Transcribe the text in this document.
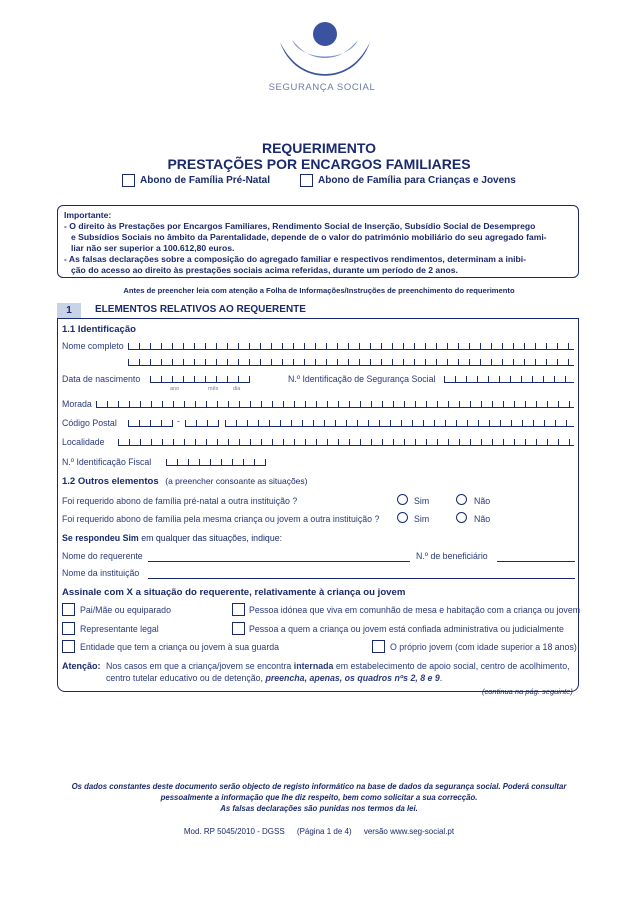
SEGURANÇA SOCIAL
REQUERIMENTO
PRESTAÇÕES POR ENCARGOS FAMILIARES
Abono de Família Pré-Natal	Abono de Família para Crianças e Jovens
Importante:
- O direito às Prestações por Encargos Familiares, Rendimento Social de Inserção, Subsídio Social de Desemprego
e Subsídios Sociais no âmbito da Parentalidade, depende de o valor do património mobiliário do seu agregado fami-
liar não ser superior a 100.612,80 euros.
- As falsas declarações sobre a composição do agregado familiar e respectivos rendimentos, determinam a inibi-
ção do acesso ao direito às prestações sociais acima referidas, durante um período de 2 anos.
Antes de preencher leia com atenção a Folha de Informações/Instruções de preenchimento do requerimento
1	ELEMENTOS RELATIVOS AO REQUERENTE
1.1 Identificação
Nome completo
Data de nascimento
ano	mês	dia
N.º Identificação de Segurança Social
Morada
Código Postal	-
Localidade
N.º Identificação Fiscal
1.2 Outros elementos (a preencher consoante as situações)
Foi requerido abono de família pré-natal a outra instituição ?	Sim	Não
Foi requerido abono de família pela mesma criança ou jovem a outra instituição ?	Sim	Não
Se respondeu Sim em qualquer das situações, indique:
Nome do requerente	N.º de beneficiário
Nome da instituição
Assinale com X a situação do requerente, relativamente à criança ou jovem
Pai/Mãe ou equiparado	Pessoa idónea que viva em comunhão de mesa e habitação com a criança ou jovem
Representante legal	Pessoa a quem a criança ou jovem está confiada administrativa ou judicialmente
Entidade que tem a criança ou jovem à sua guarda	O próprio jovem (com idade superior a 18 anos)
Atenção: Nos casos em que a criança/jovem se encontra internada em estabelecimento de apoio social, centro de acolhimento,
centro tutelar educativo ou de detenção, preencha, apenas, os quadros nºs 2, 8 e 9.
(continua na pág. seguinte)
Os dados constantes deste documento serão objecto de registo informático na base de dados da segurança social. Poderá consultar
pessoalmente a informação que lhe diz respeito, bem como solicitar a sua correcção.
As falsas declarações são punidas nos termos da lei.
Mod. RP 5045/2010 - DGSS (Página 1 de 4) versão www.seg-social.pt
